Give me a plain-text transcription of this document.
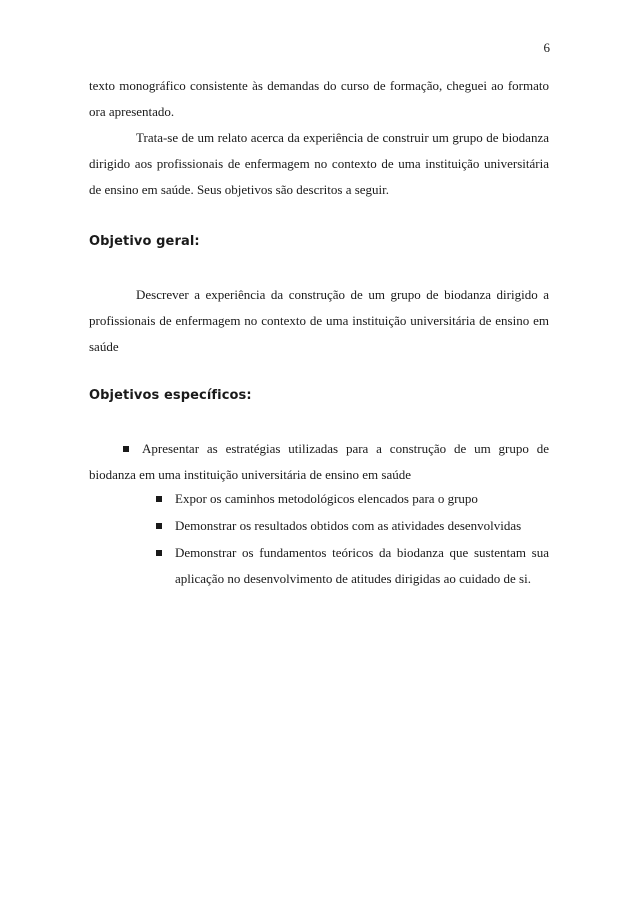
6
texto monográfico consistente às demandas do curso de formação, cheguei ao formato
ora apresentado.
Trata-se de um relato acerca da experiência de construir um grupo de biodanza
dirigido aos profissionais de enfermagem no contexto de uma instituição universitária
de ensino em saúde. Seus objetivos são descritos a seguir.
Objetivo geral:
Descrever a experiência da construção de um grupo de biodanza dirigido a
profissionais de enfermagem no contexto de uma instituição universitária de ensino em
saúde
Objetivos específicos:
Apresentar as estratégias utilizadas para a construção de um grupo de
biodanza em uma instituição universitária de ensino em saúde
Expor os caminhos metodológicos elencados para o grupo
Demonstrar os resultados obtidos com as atividades desenvolvidas
Demonstrar os fundamentos teóricos da biodanza que sustentam sua
aplicação no desenvolvimento de atitudes dirigidas ao cuidado de si.
